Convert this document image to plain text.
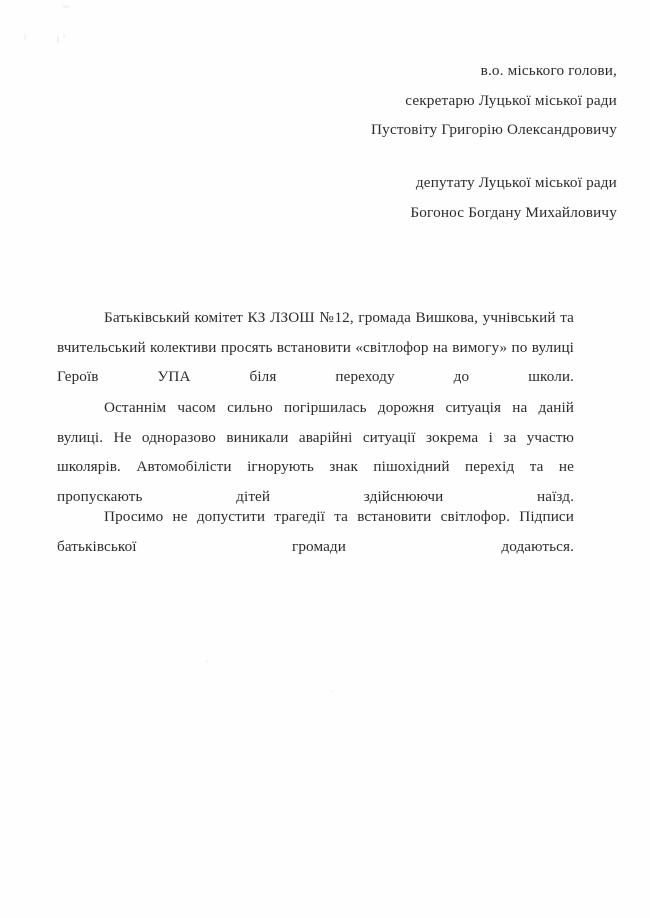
в.о. міського голови,
секретарю Луцької міської ради
Пустовіту Григорію Олександровичу
депутату Луцької міської ради
Богонос Богдану Михайловичу

Батьківський комітет КЗ ЛЗОШ №12, громада Вишкова, учнівський та вчительський колективи просять встановити «світлофор на вимогу» по вулиці Героїв УПА біля переходу до школи.

Останнім часом сильно погіршилась дорожня ситуація на даній вулиці. Не одноразово виникали аварійні ситуації зокрема і за участю школярів. Автомобілісти ігнорують знак пішохідний перехід та не пропускають дітей здійснюючи наїзд.

Просимо не допустити трагедії та встановити світлофор. Підписи батьківської громади додаються.
